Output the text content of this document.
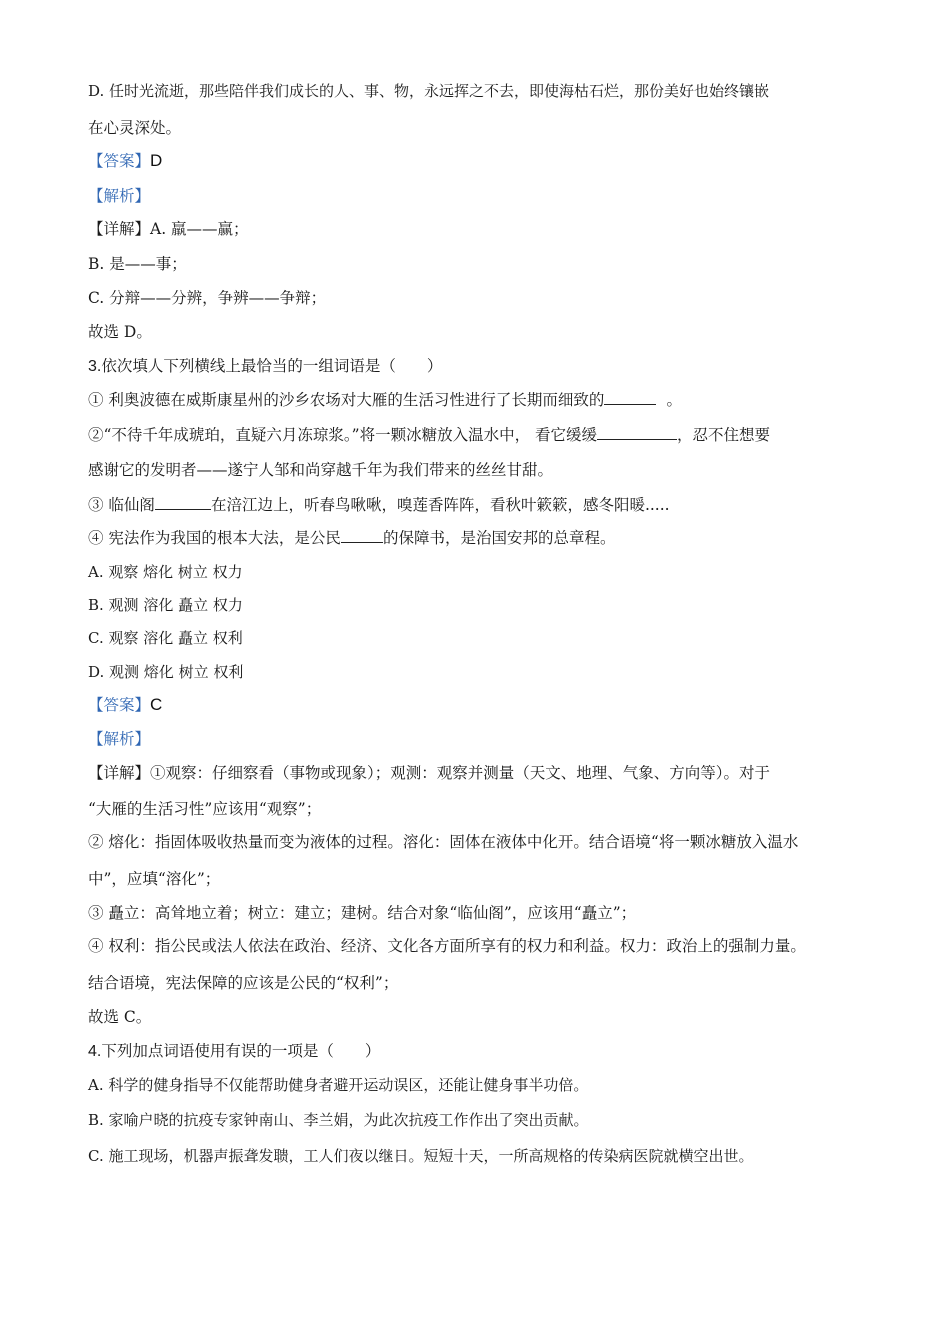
D. 任时光流逝，那些陪伴我们成长的人、事、物，永远挥之不去，即使海枯石烂，那份美好也始终镶嵌
在心灵深处。
【答案】D
【解析】
【详解】A. 羸——赢；
B. 是——事；
C. 分辩——分辨，争辨——争辩；
故选 D。
3.依次填人下列横线上最恰当的一组词语是（　　）
① 利奥波德在威斯康星州的沙乡农场对大雁的生活习性进行了长期而细致的	。
②“不待千年成琥珀，直疑六月冻琼浆。”将一颗冰糖放入温水中， 看它缓缓	，忍不住想要
感谢它的发明者——遂宁人邹和尚穿越千年为我们带来的丝丝甘甜。
③ 临仙阁	在涪江边上，听春鸟啾啾，嗅莲香阵阵，看秋叶簌簌，感冬阳暖.....
④ 宪法作为我国的根本大法，是公民	的保障书，是治国安邦的总章程。
A. 观察 熔化 树立 权力
B. 观测 溶化 矗立 权力
C. 观察 溶化 矗立 权利
D. 观测 熔化 树立 权利
【答案】C
【解析】
【详解】①观察：仔细察看（事物或现象）；观测：观察并测量（天文、地理、气象、方向等）。对于
“大雁的生活习性”应该用“观察”；
② 熔化：指固体吸收热量而变为液体的过程。溶化：固体在液体中化开。结合语境“将一颗冰糖放入温水
中”，应填“溶化”；
③ 矗立：高耸地立着；树立：建立；建树。结合对象“临仙阁”，应该用“矗立”；
④ 权利：指公民或法人依法在政治、经济、文化各方面所享有的权力和利益。权力：政治上的强制力量。
结合语境，宪法保障的应该是公民的“权利”；
故选 C。
4.下列加点词语使用有误的一项是（　　）
A. 科学的健身指导不仅能帮助健身者避开运动误区，还能让健身事半功倍。
B. 家喻户晓的抗疫专家钟南山、李兰娟，为此次抗疫工作作出了突出贡献。
C. 施工现场，机器声振聋发聩，工人们夜以继日。短短十天，一所高规格的传染病医院就横空出世。
